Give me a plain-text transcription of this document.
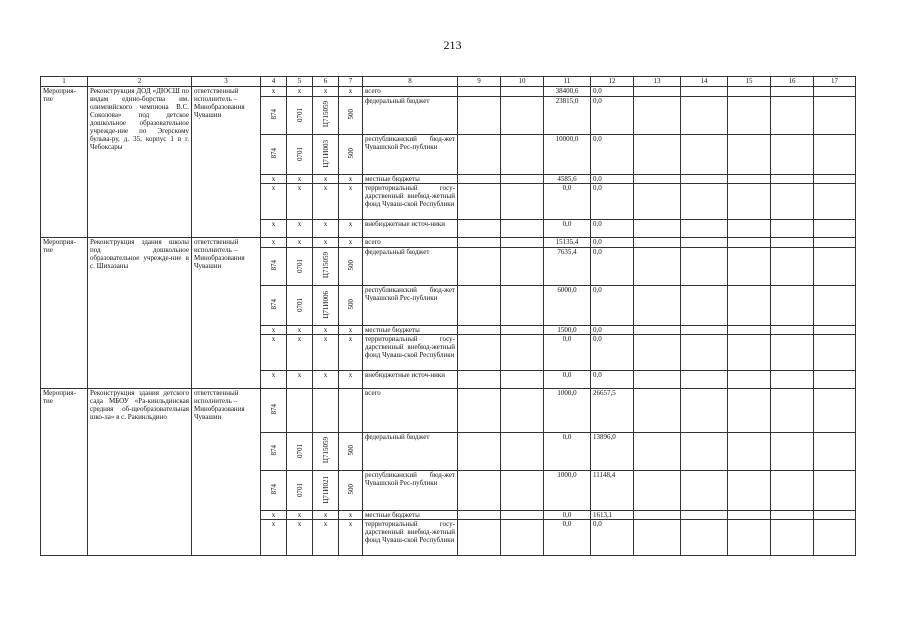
213
1	2	3	4	5	6	7	8	9	10	11	12	13	14	15	16	17
Мероприя-тие	Реконструкция ДОД «ДЮСШ по видам едино-борства им. олимпийского чемпиона В.С. Соколова» под детское дошкольное образовательное учрежде-ние по Эгерскому бульва-ру, д. 35, корпус 1 в г. Чебоксары	ответственный исполнитель – Минобразования Чувашии	x	x	x	x	всего			38400,6	0,0					
			874	0701	Ц715059	500	федеральный бюджет			23815,0	0,0					
			874	0701	Ц71И003	500	республиканский бюд-жет Чувашской Рес-публики			10000,0	0,0					
			x	x	x	x	местные бюджеты			4585,6	0,0					
			x	x	x	x	территориальный госу-дарственный внебюд-жетный фонд Чуваш-ской Республики			0,0	0,0					
			x	x	x	x	внебюджетные источ-ники			0,0	0,0					
Мероприя-тие	Реконструкция здания школы под дошкольное образовательное учрежде-ние в с. Шихазаны	ответственный исполнитель – Минобразования Чувашии	x	x	x	x	всего			15135,4	0,0					
			874	0701	Ц715059	500	федеральный бюджет			7635,4	0,0					
			874	0701	Ц71И006	500	республиканский бюд-жет Чувашской Рес-публики			6000,0	0,0					
			x	x	x	x	местные бюджеты			1500,0	0,0					
			x	x	x	x	территориальный госу-дарственный внебюд-жетный фонд Чуваш-ской Республики			0,0	0,0					
			x	x	x	x	внебюджетные источ-ники			0,0	0,0					
Мероприя-тие	Реконструкция здания детского сада МБОУ «Ра-кинльдинская средняя об-щеобразовательная шко-ла» в с. Ракинльдино	ответственный исполнитель – Минобразования Чувашии	874				всего			1000,0	26657,5					
			874	0701	Ц715059	500	федеральный бюджет			0,0	13896,0					
			874	0701	Ц71И021	500	республиканский бюд-жет Чувашской Рес-публики			1000,0	11148,4					
			x	x	x	x	местные бюджеты			0,0	1613,1					
			x	x	x	x	территориальный госу-дарственный внебюд-жетный фонд Чуваш-ской Республики			0,0	0,0					
